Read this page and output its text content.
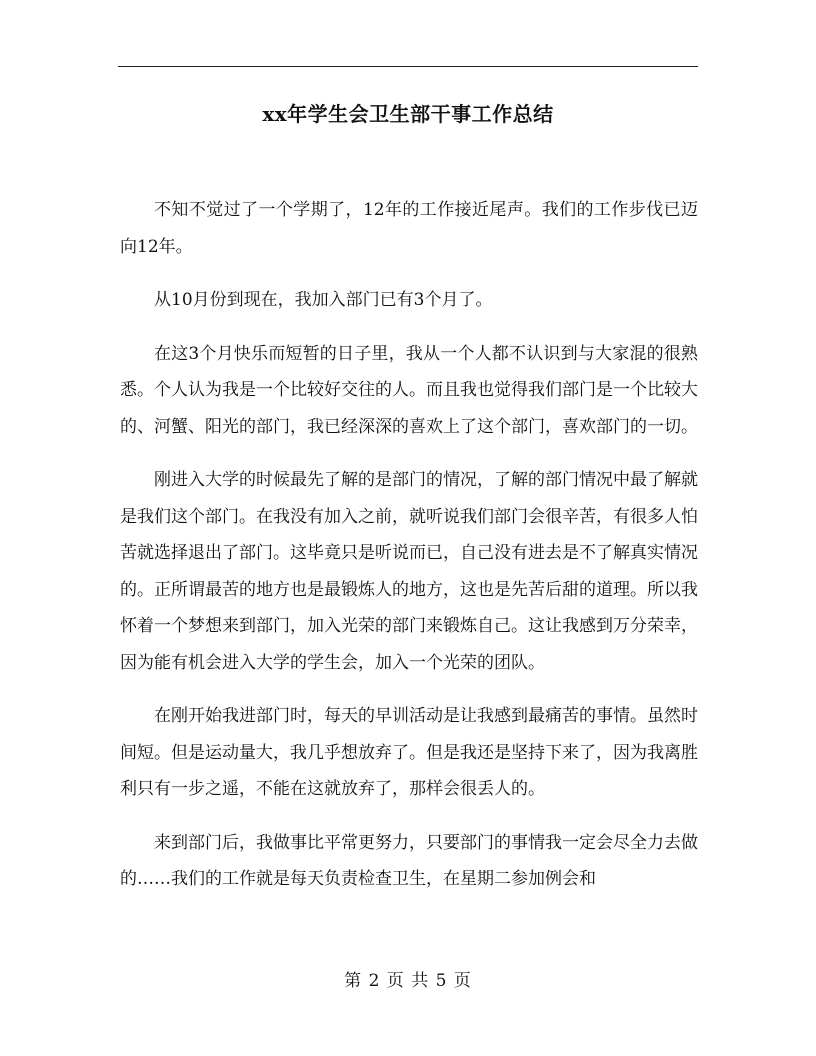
xx年学生会卫生部干事工作总结

不知不觉过了一个学期了，12年的工作接近尾声。我们的工作步伐已迈向12年。

从10月份到现在，我加入部门已有3个月了。

在这3个月快乐而短暂的日子里，我从一个人都不认识到与大家混的很熟悉。个人认为我是一个比较好交往的人。而且我也觉得我们部门是一个比较大的、河蟹、阳光的部门，我已经深深的喜欢上了这个部门，喜欢部门的一切。

刚进入大学的时候最先了解的是部门的情况，了解的部门情况中最了解就是我们这个部门。在我没有加入之前，就听说我们部门会很辛苦，有很多人怕苦就选择退出了部门。这毕竟只是听说而已，自己没有进去是不了解真实情况的。正所谓最苦的地方也是最锻炼人的地方，这也是先苦后甜的道理。所以我怀着一个梦想来到部门，加入光荣的部门来锻炼自己。这让我感到万分荣幸，因为能有机会进入大学的学生会，加入一个光荣的团队。

在刚开始我进部门时，每天的早训活动是让我感到最痛苦的事情。虽然时间短。但是运动量大，我几乎想放弃了。但是我还是坚持下来了，因为我离胜利只有一步之遥，不能在这就放弃了，那样会很丢人的。

来到部门后，我做事比平常更努力，只要部门的事情我一定会尽全力去做的……我们的工作就是每天负责检查卫生，在星期二参加例会和

第 2 页 共 5 页
